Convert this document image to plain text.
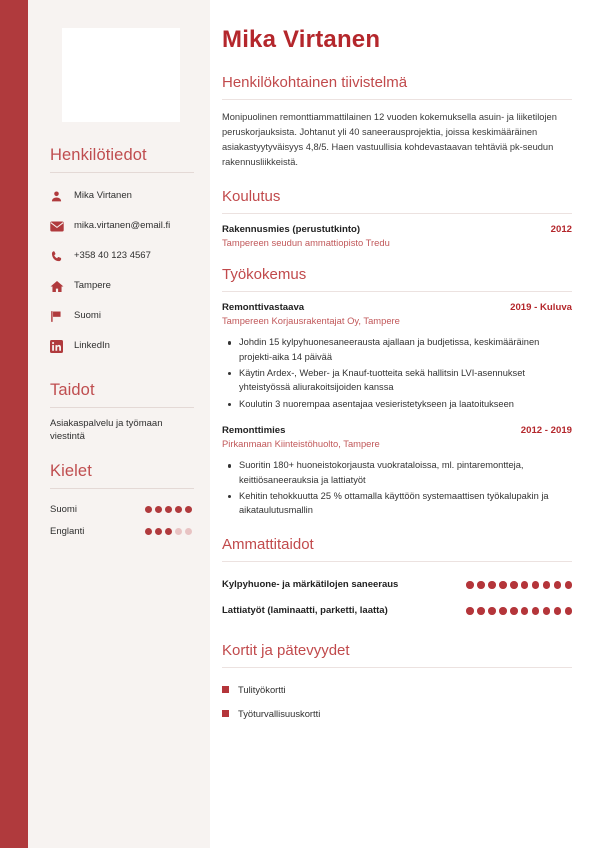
Henkilötiedot
Mika Virtanen
mika.virtanen@email.fi
+358 40 123 4567
Tampere
Suomi
LinkedIn
Taidot

Asiakaspalvelu ja työmaan viestintä

Kielet
Suomi
Englanti
Mika Virtanen
Henkilökohtainen tiivistelmä

Monipuolinen remonttiammattilainen 12 vuoden kokemuksella asuin- ja liiketilojen peruskorjauksista. Johtanut yli 40 saneerausprojektia, joissa keskimääräinen asiakastyytyväisyys 4,8/5. Haen vastuullisia kohdevastaavan tehtäviä pk-seudun rakennusliikkeistä.

Koulutus
Rakennusmies (perustutkinto)	2012
Tampereen seudun ammattiopisto Tredu
Työkokemus
Remonttivastaava	2019 - Kuluva
Tampereen Korjausrakentajat Oy, Tampere
Johdin 15 kylpyhuonesaneerausta ajallaan ja budjetissa, keskimääräinen projekti-aika 14 päivää
Käytin Ardex-, Weber- ja Knauf-tuotteita sekä hallitsin LVI-asennukset yhteistyössä aliurakoitsijoiden kanssa
Koulutin 3 nuorempaa asentajaa vesieristetykseen ja laatoitukseen
Remonttimies	2012 - 2019
Pirkanmaan Kiinteistöhuolto, Tampere
Suoritin 180+ huoneistokorjausta vuokrataloissa, ml. pintaremontteja, keittiösaneerauksia ja lattiatyöt
Kehitin tehokkuutta 25 % ottamalla käyttöön systemaattisen työkalupakin ja aikataulutusmallin
Ammattitaidot
Kylpyhuone- ja märkätilojen saneeraus
Lattiatyöt (laminaatti, parketti, laatta)
Kortit ja pätevyydet
Tulityökortti
Työturvallisuuskortti
